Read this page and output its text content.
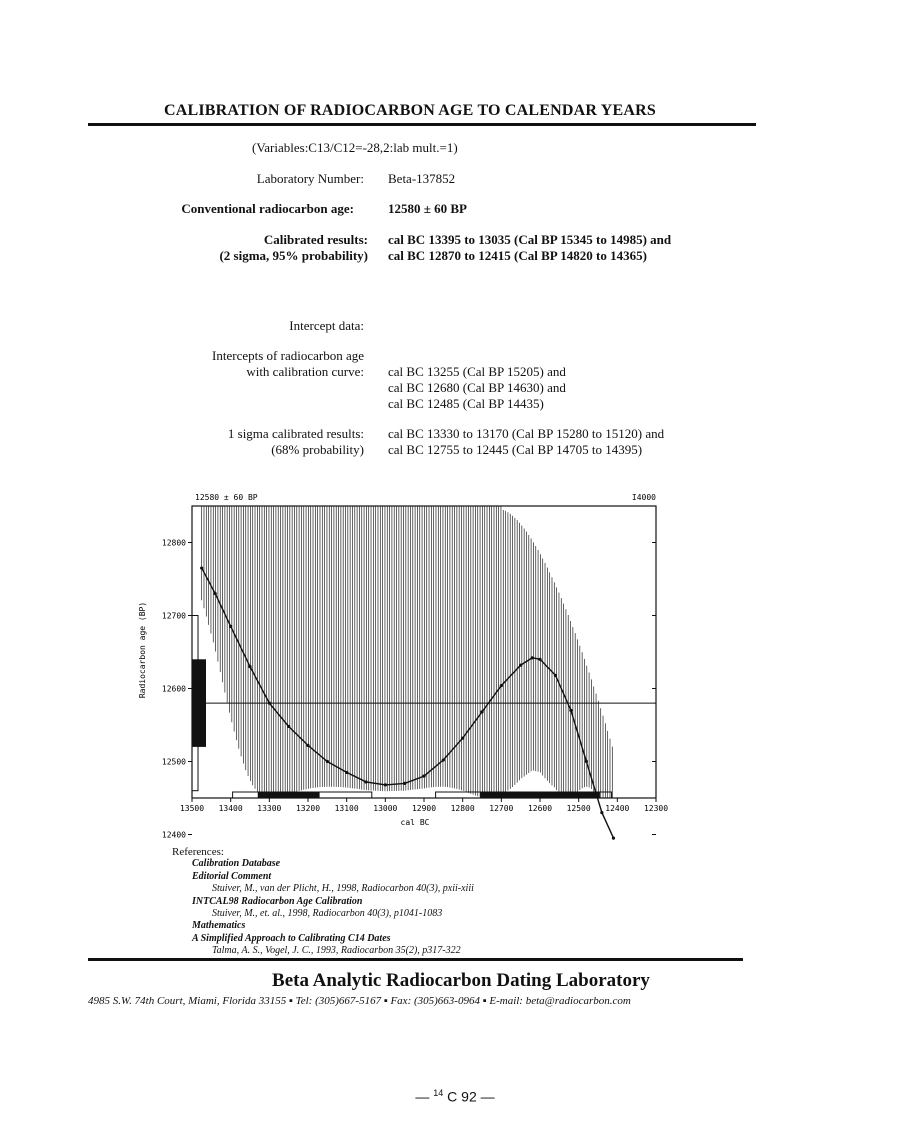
CALIBRATION OF RADIOCARBON AGE TO CALENDAR YEARS
(Variables:C13/C12=-28,2:lab mult.=1)
Laboratory Number: Beta-137852
Conventional radiocarbon age:	12580 ± 60 BP
Calibrated results:
(2 sigma, 95% probability)
cal BC 13395 to 13035 (Cal BP 15345 to 14985) and
cal BC 12870 to 12415 (Cal BP 14820 to 14365)
Intercept data:
Intercepts of radiocarbon age
with calibration curve: cal BC 13255 (Cal BP 15205) and
cal BC 12680 (Cal BP 14630) and
cal BC 12485 (Cal BP 14435)
1 sigma calibrated results:
(68% probability)
cal BC 13330 to 13170 (Cal BP 15280 to 15120) and
cal BC 12755 to 12445 (Cal BP 14705 to 14395)
12800
12700
12600
12500
12400
13500 13400 13300 13200 13100 13000 12900 12800 12700 12600 12500 12400 12300
12580 ± 60 BP	I4000
cal BC
Radiocarbon age (BP)
References:
Calibration Database
Editorial Comment
Stuiver, M., van der Plicht, H., 1998, Radiocarbon 40(3), pxii-xiii
INTCAL98 Radiocarbon Age Calibration
Stuiver, M., et. al., 1998, Radiocarbon 40(3), p1041-1083
Mathematics
A Simplified Approach to Calibrating C14 Dates
Talma, A. S., Vogel, J. C., 1993, Radiocarbon 35(2), p317-322
Beta Analytic Radiocarbon Dating Laboratory
4985 S.W. 74th Court, Miami, Florida 33155 ▪ Tel: (305)667-5167 ▪ Fax: (305)663-0964 ▪ E-mail: beta@radiocarbon.com
— $^{14}$ C 92 —
